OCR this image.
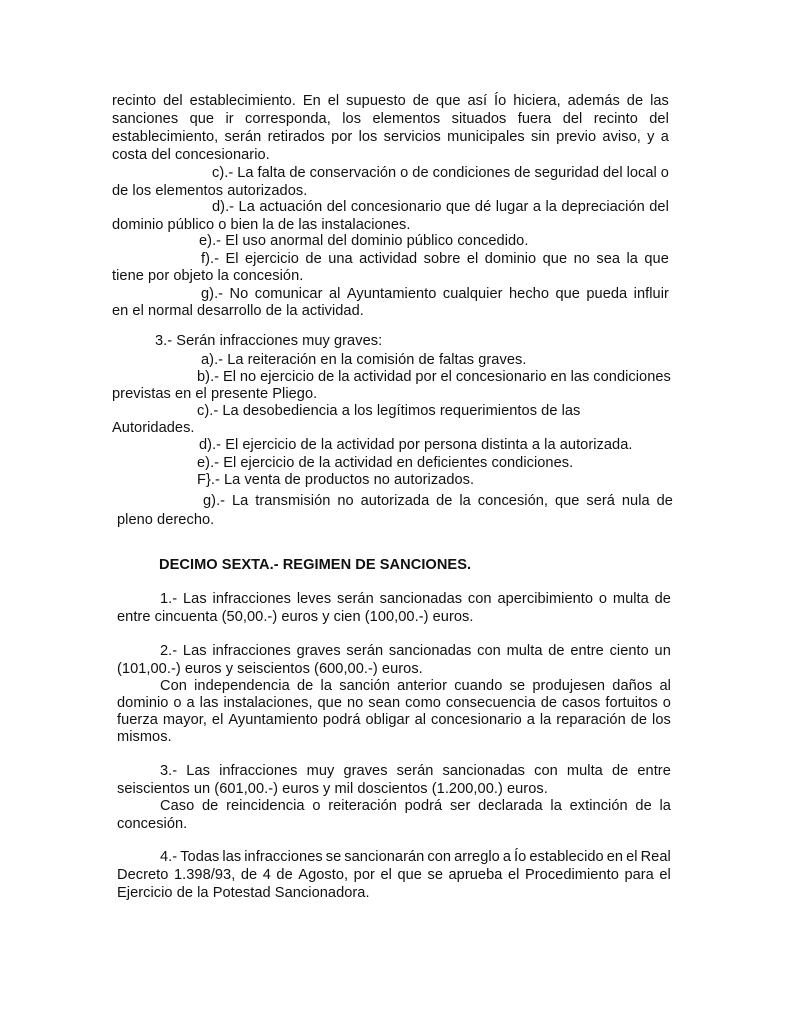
recinto del establecimiento. En el supuesto de que así Ío hiciera, además de las
sanciones que ir corresponda, los elementos situados fuera del recinto del
establecimiento, serán retirados por los servicios municipales sin previo aviso, y a
costa del concesionario.
c).- La falta de conservación o de condiciones de seguridad del local o
de los elementos autorizados.
d).- La actuación del concesionario que dé lugar a la depreciación del
dominio público o bien la de las instalaciones.
e).- El uso anormal del dominio público concedido.
f).- El ejercicio de una actividad sobre el dominio que no sea la que
tiene por objeto la concesión.
g).- No comunicar al Ayuntamiento cualquier hecho que pueda influir
en el normal desarrollo de la actividad.
3.- Serán infracciones muy graves:
a).- La reiteración en la comisión de faltas graves.
b).- El no ejercicio de la actividad por el concesionario en las condiciones
previstas en el presente Pliego.
c).- La desobediencia a los legítimos requerimientos de las
Autoridades.
d).- El ejercicio de la actividad por persona distinta a la autorizada.
e).- El ejercicio de la actividad en deficientes condiciones.
F}.- La venta de productos no autorizados.
g).- La transmisión no autorizada de la concesión, que será nula de
pleno derecho.
DECIMO SEXTA.- REGIMEN DE SANCIONES.
1.- Las infracciones leves serán sancionadas con apercibimiento o multa de
entre cincuenta (50,00.-) euros y cien (100,00.-) euros.
2.- Las infracciones graves serán sancionadas con multa de entre ciento un
(101,00.-) euros y seiscientos (600,00.-) euros.
Con independencia de la sanción anterior cuando se produjesen daños al
dominio o a las instalaciones, que no sean como consecuencia de casos fortuitos o
fuerza mayor, el Ayuntamiento podrá obligar al concesionario a la reparación de los
mismos.
3.- Las infracciones muy graves serán sancionadas con multa de entre
seiscientos un (601,00.-) euros y mil doscientos (1.200,00.) euros.
Caso de reincidencia o reiteración podrá ser declarada la extinción de la
concesión.
4.- Todas las infracciones se sancionarán con arreglo a Ío establecido en el Real
Decreto 1.398/93, de 4 de Agosto, por el que se aprueba el Procedimiento para el
Ejercicio de la Potestad Sancionadora.
